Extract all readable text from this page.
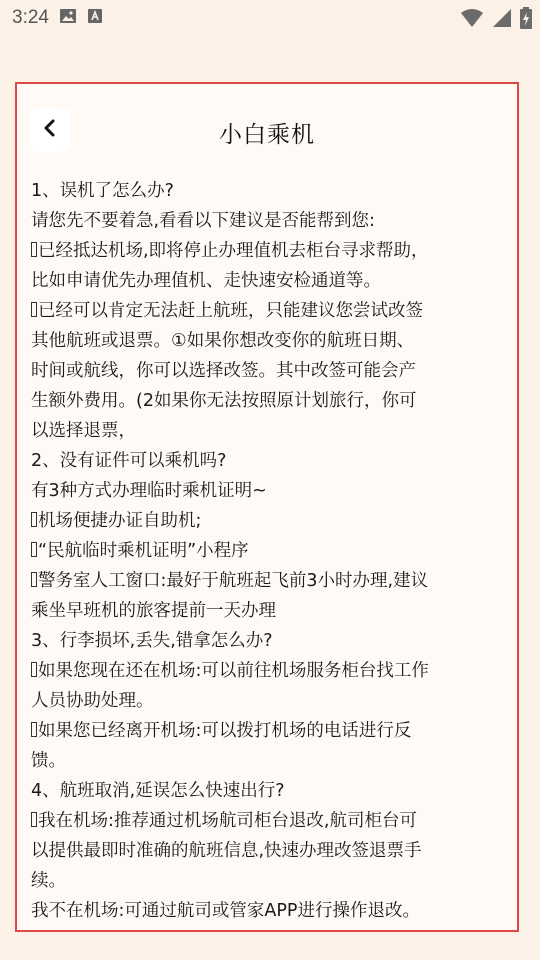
3:24
小白乘机
1、误机了怎么办?
请您先不要着急,看看以下建议是否能帮到您:
已经抵达机场,即将停止办理值机去柜台寻求帮助，
比如申请优先办理值机、走快速安检通道等。
已经可以肯定无法赶上航班，只能建议您尝试改签
其他航班或退票。①如果你想改变你的航班日期、
时间或航线，你可以选择改签。其中改签可能会产
生额外费用。(2如果你无法按照原计划旅行，你可
以选择退票，
2、没有证件可以乘机吗?
有3种方式办理临时乘机证明~
机场便捷办证自助机;
“民航临时乘机证明”小程序
警务室人工窗口:最好于航班起飞前3小时办理,建议
乘坐早班机的旅客提前一天办理
3、行李损坏,丢失,错拿怎么办?
如果您现在还在机场:可以前往机场服务柜台找工作
人员协助处理。
如果您已经离开机场:可以拨打机场的电话进行反
馈。
4、航班取消,延误怎么快速出行?
我在机场:推荐通过机场航司柜台退改,航司柜台可
以提供最即时准确的航班信息,快速办理改签退票手
续。
我不在机场:可通过航司或管家APP进行操作退改。
